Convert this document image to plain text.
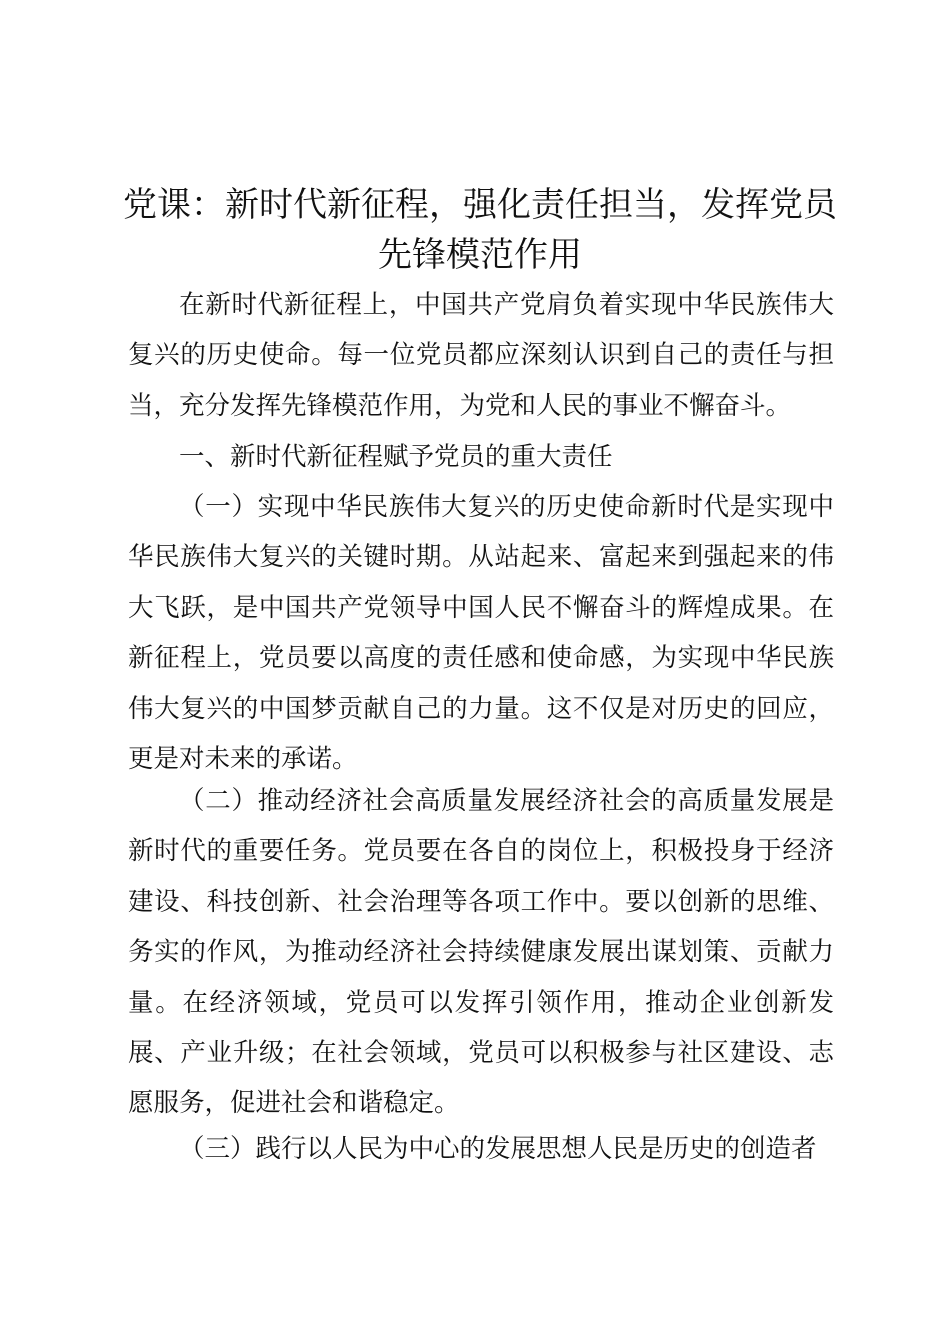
党课：新时代新征程，强化责任担当，发挥党员先锋模范作用

在新时代新征程上，中国共产党肩负着实现中华民族伟大复兴的历史使命。每一位党员都应深刻认识到自己的责任与担当，充分发挥先锋模范作用，为党和人民的事业不懈奋斗。

一、新时代新征程赋予党员的重大责任

（一）实现中华民族伟大复兴的历史使命新时代是实现中华民族伟大复兴的关键时期。从站起来、富起来到强起来的伟大飞跃，是中国共产党领导中国人民不懈奋斗的辉煌成果。在新征程上，党员要以高度的责任感和使命感，为实现中华民族伟大复兴的中国梦贡献自己的力量。这不仅是对历史的回应，更是对未来的承诺。

（二）推动经济社会高质量发展经济社会的高质量发展是新时代的重要任务。党员要在各自的岗位上，积极投身于经济建设、科技创新、社会治理等各项工作中。要以创新的思维、务实的作风，为推动经济社会持续健康发展出谋划策、贡献力量。在经济领域，党员可以发挥引领作用，推动企业创新发展、产业升级；在社会领域，党员可以积极参与社区建设、志愿服务，促进社会和谐稳定。

（三）践行以人民为中心的发展思想人民是历史的创造者
